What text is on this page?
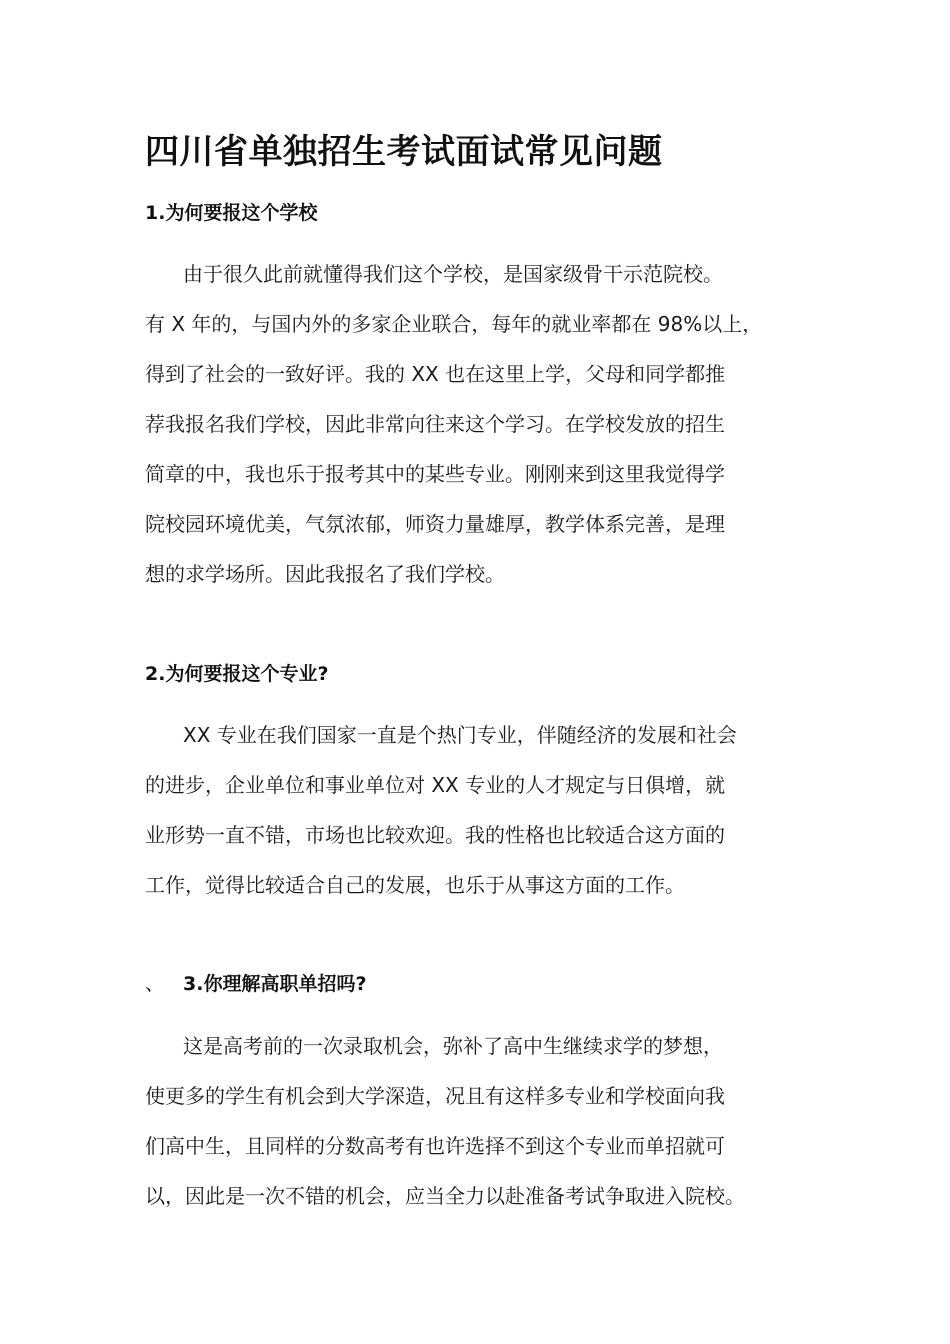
四川省单独招生考试面试常见问题
1.为何要报这个学校

由于很久此前就懂得我们这个学校，是国家级骨干示范院校。

有 X 年的，与国内外的多家企业联合，每年的就业率都在 98%以上，

得到了社会的一致好评。我的 XX 也在这里上学，父母和同学都推

荐我报名我们学校，因此非常向往来这个学习。在学校发放的招生

简章的中，我也乐于报考其中的某些专业。刚刚来到这里我觉得学

院校园环境优美，气氛浓郁，师资力量雄厚，教学体系完善，是理

想的求学场所。因此我报名了我们学校。

2.为何要报这个专业?

XX 专业在我们国家一直是个热门专业，伴随经济的发展和社会

的进步，企业单位和事业单位对 XX 专业的人才规定与日俱增，就

业形势一直不错，市场也比较欢迎。我的性格也比较适合这方面的

工作，觉得比较适合自己的发展，也乐于从事这方面的工作。

、 3.你理解高职单招吗?

这是高考前的一次录取机会，弥补了高中生继续求学的梦想，

使更多的学生有机会到大学深造，况且有这样多专业和学校面向我

们高中生，且同样的分数高考有也许选择不到这个专业而单招就可

以，因此是一次不错的机会，应当全力以赴准备考试争取进入院校。
